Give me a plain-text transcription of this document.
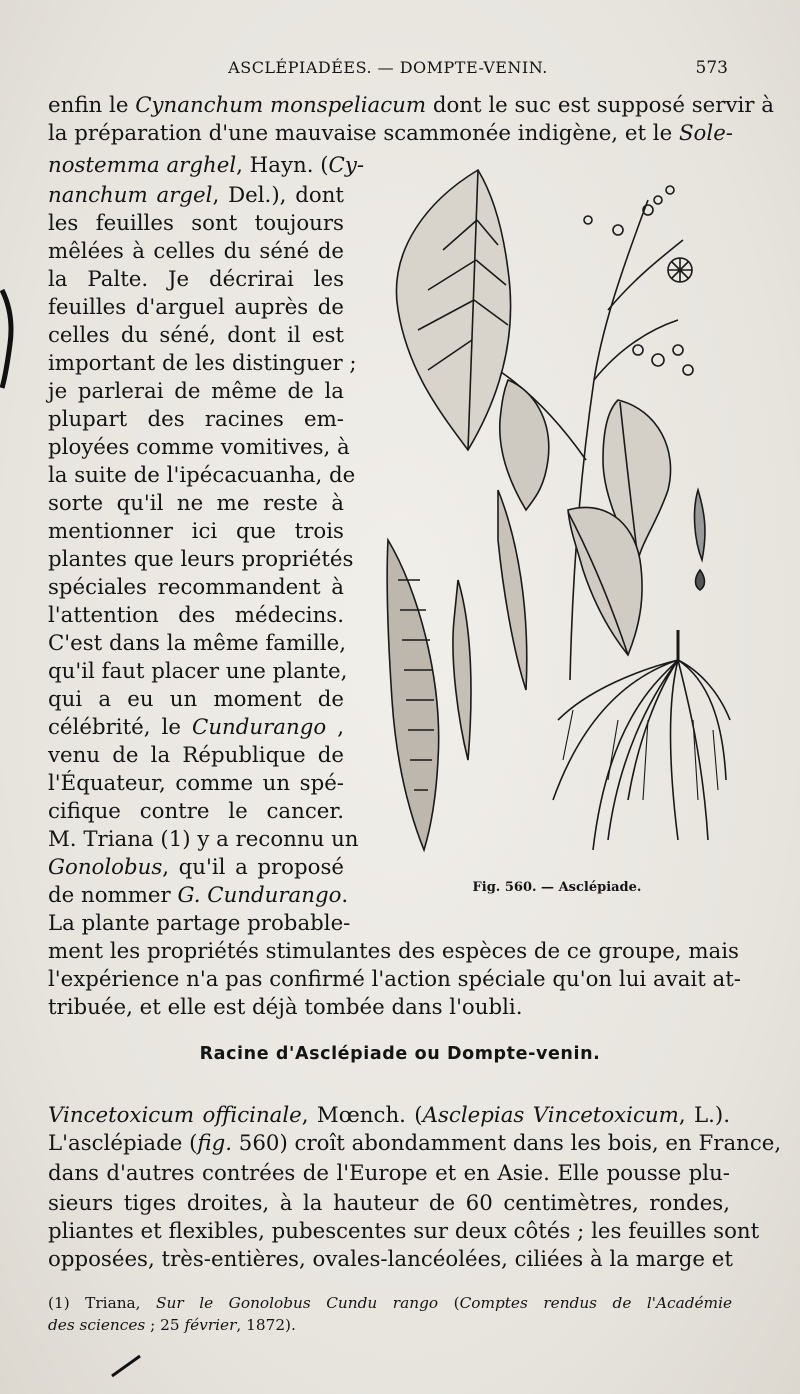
ASCLÉPIADÉES. — DOMPTE-VENIN.	573
enfin le Cynanchum monspeliacum dont le suc est supposé servir à
la préparation d'une mauvaise scammonée indigène, et le Sole-
nostemma arghel, Hayn. (Cy-
nanchum argel, Del.), dont
les feuilles sont toujours
mêlées à celles du séné de
la Palte. Je décrirai les
feuilles d'arguel auprès de
celles du séné, dont il est
important de les distinguer ;
je parlerai de même de la
plupart des racines em-
ployées comme vomitives, à
la suite de l'ipécacuanha, de
sorte qu'il ne me reste à
mentionner ici que trois
plantes que leurs propriétés
spéciales recommandent à
l'attention des médecins.
C'est dans la même famille,
qu'il faut placer une plante,
qui a eu un moment de
célébrité, le Cundurango ,
venu de la République de
l'Équateur, comme un spé-
cifique contre le cancer.
M. Triana (1) y a reconnu un
Gonolobus, qu'il a proposé
de nommer G. Cundurango.
La plante partage probable-
ment les propriétés stimulantes des espèces de ce groupe, mais
l'expérience n'a pas confirmé l'action spéciale qu'on lui avait at-
tribuée, et elle est déjà tombée dans l'oubli.
Fig. 560. — Asclépiade.
Racine d'Asclépiade ou Dompte-venin.
Vincetoxicum officinale, Mœnch. (Asclepias Vincetoxicum, L.).
L'asclépiade (fig. 560) croît abondamment dans les bois, en France,
dans d'autres contrées de l'Europe et en Asie. Elle pousse plu-
sieurs tiges droites, à la hauteur de 60 centimètres, rondes,
pliantes et flexibles, pubescentes sur deux côtés ; les feuilles sont
opposées, très-entières, ovales-lancéolées, ciliées à la marge et
(1) Triana, Sur le Gonolobus Cundu rango (Comptes rendus de l'Académie
des sciences ; 25 février, 1872).
